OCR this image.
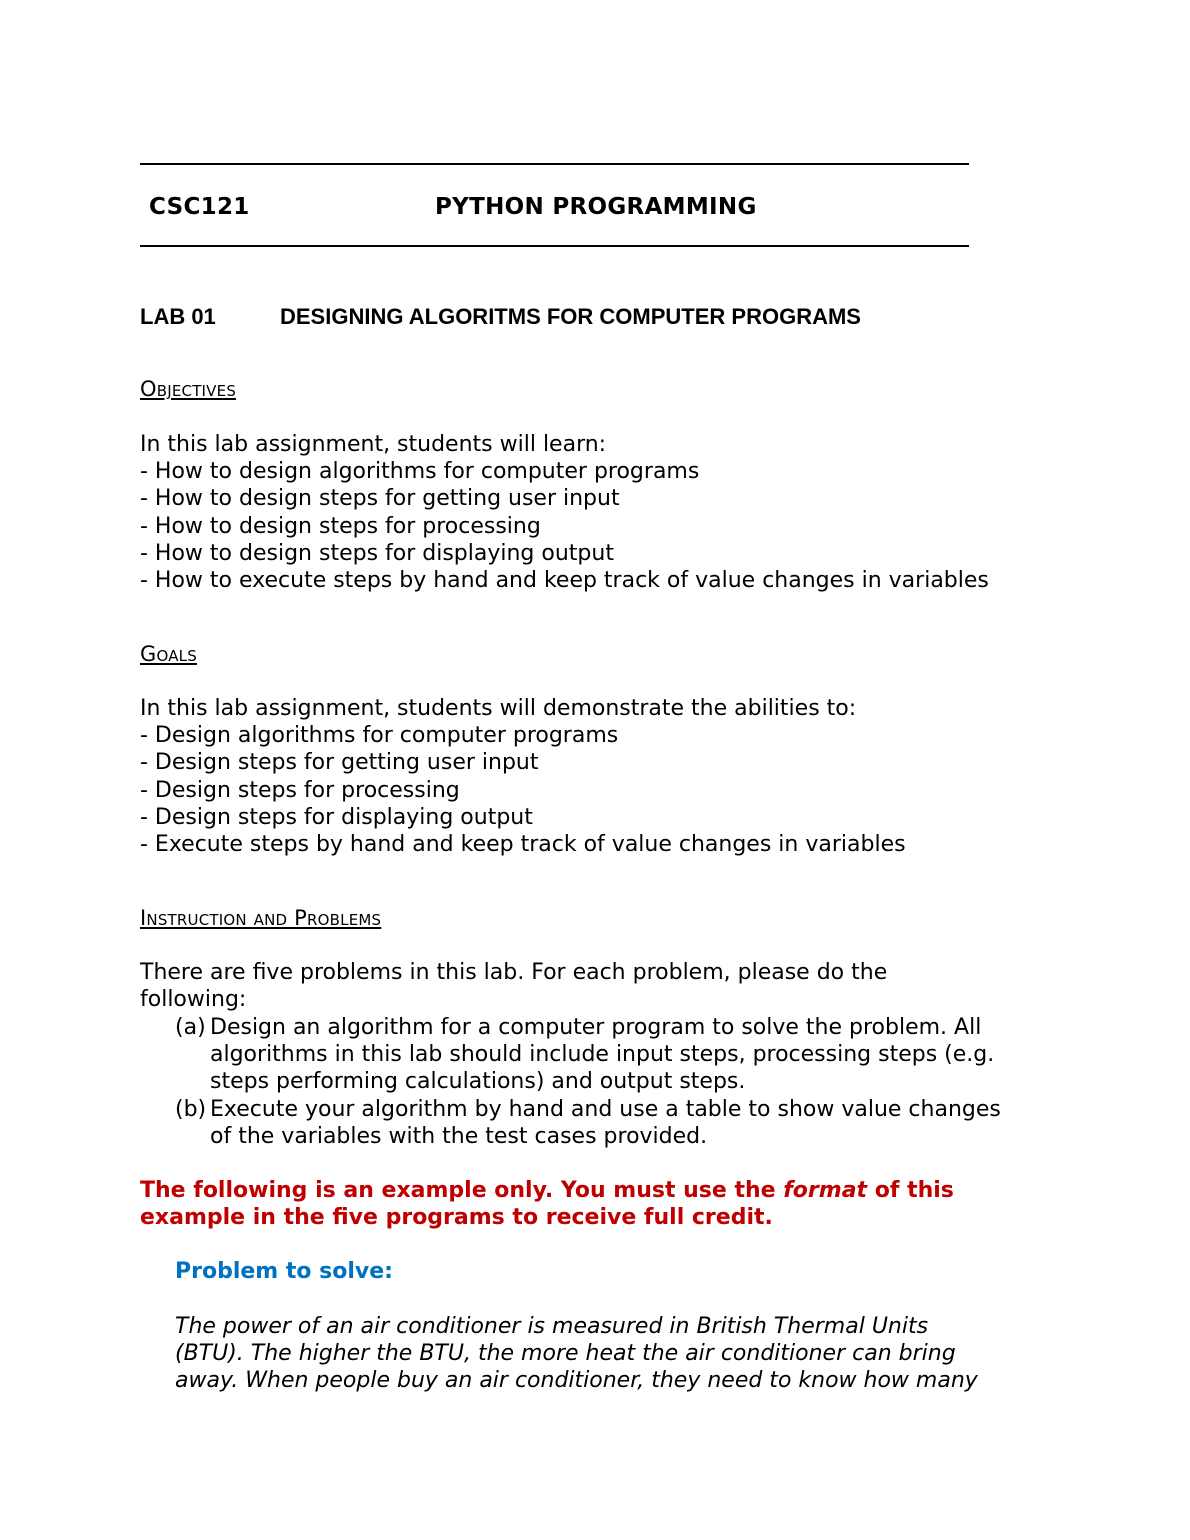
CSC121	PYTHON PROGRAMMING
LAB 01	DESIGNING ALGORITMS FOR COMPUTER PROGRAMS
Objectives
In this lab assignment, students will learn:
- How to design algorithms for computer programs
- How to design steps for getting user input
- How to design steps for processing
- How to design steps for displaying output
- How to execute steps by hand and keep track of value changes in variables
Goals
In this lab assignment, students will demonstrate the abilities to:
- Design algorithms for computer programs
- Design steps for getting user input
- Design steps for processing
- Design steps for displaying output
- Execute steps by hand and keep track of value changes in variables
Instruction and Problems
There are five problems in this lab. For each problem, please do the
following:
(a) Design an algorithm for a computer program to solve the problem. All
algorithms in this lab should include input steps, processing steps (e.g.
steps performing calculations) and output steps.
(b) Execute your algorithm by hand and use a table to show value changes
of the variables with the test cases provided.
The following is an example only. You must use the format of this
example in the five programs to receive full credit.
Problem to solve:
The power of an air conditioner is measured in British Thermal Units
(BTU). The higher the BTU, the more heat the air conditioner can bring
away. When people buy an air conditioner, they need to know how many
